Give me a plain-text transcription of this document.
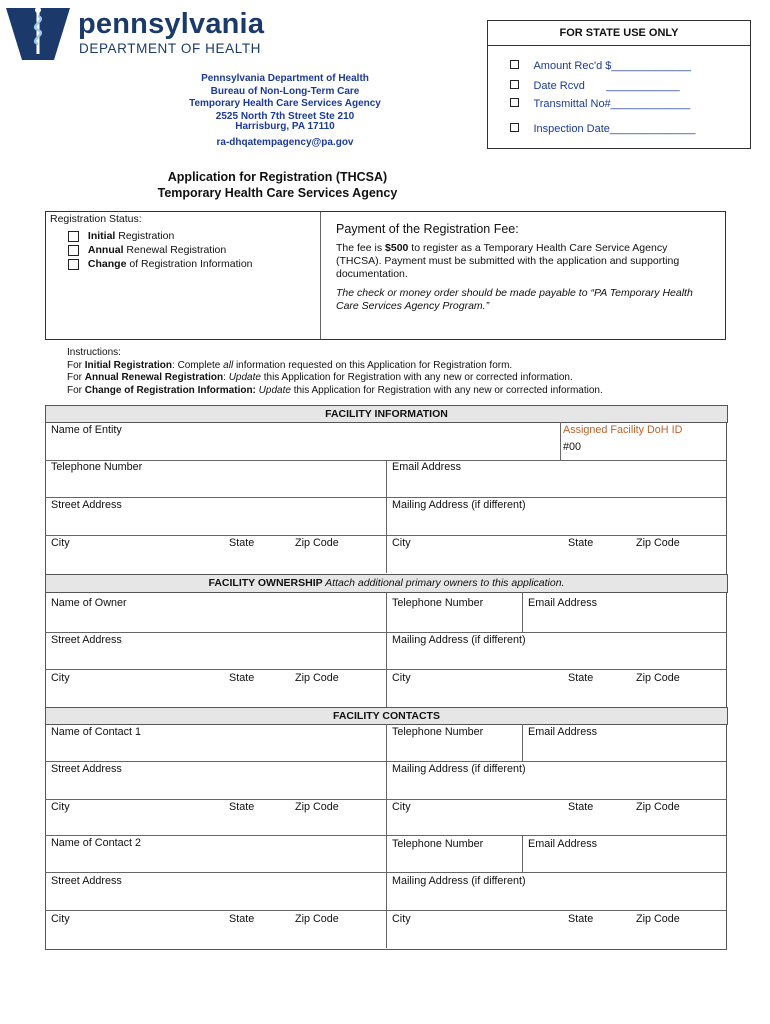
pennsylvania
DEPARTMENT OF HEALTH
FOR STATE USE ONLY
Amount Rec'd $_____________
Date Rcvd       ____________
Transmittal No#_____________
Inspection Date______________
Pennsylvania Department of Health
Bureau of Non-Long-Term Care
Temporary Health Care Services Agency
2525 North 7th Street Ste 210
Harrisburg, PA 17110
ra-dhqatempagency@pa.gov
Application for Registration (THCSA)
Temporary Health Care Services Agency
Registration Status:
Initial Registration
Annual Renewal Registration
Change of Registration Information
Payment of the Registration Fee:
The fee is $500 to register as a Temporary Health Care Service Agency (THCSA). Payment must be submitted with the application and supporting documentation.
The check or money order should be made payable to “PA Temporary Health Care Services Agency Program.”
Instructions:
For Initial Registration: Complete all information requested on this Application for Registration form.
For Annual Renewal Registration: Update this Application for Registration with any new or corrected information.
For Change of Registration Information: Update this Application for Registration with any new or corrected information.
FACILITY INFORMATION
Name of Entity	Assigned Facility DoH ID
#00
Telephone Number	Email Address
Street Address	Mailing Address (if different)
City	State	Zip Code	City	State	Zip Code
FACILITY OWNERSHIP Attach additional primary owners to this application.
Name of Owner	Telephone Number	Email Address
Street Address	Mailing Address (if different)
City	State	Zip Code	City	State	Zip Code
FACILITY CONTACTS
Name of Contact 1	Telephone Number	Email Address
Street Address	Mailing Address (if different)
City	State	Zip Code	City	State	Zip Code
Name of Contact 2	Telephone Number	Email Address
Street Address	Mailing Address (if different)
City	State	Zip Code	City	State	Zip Code
